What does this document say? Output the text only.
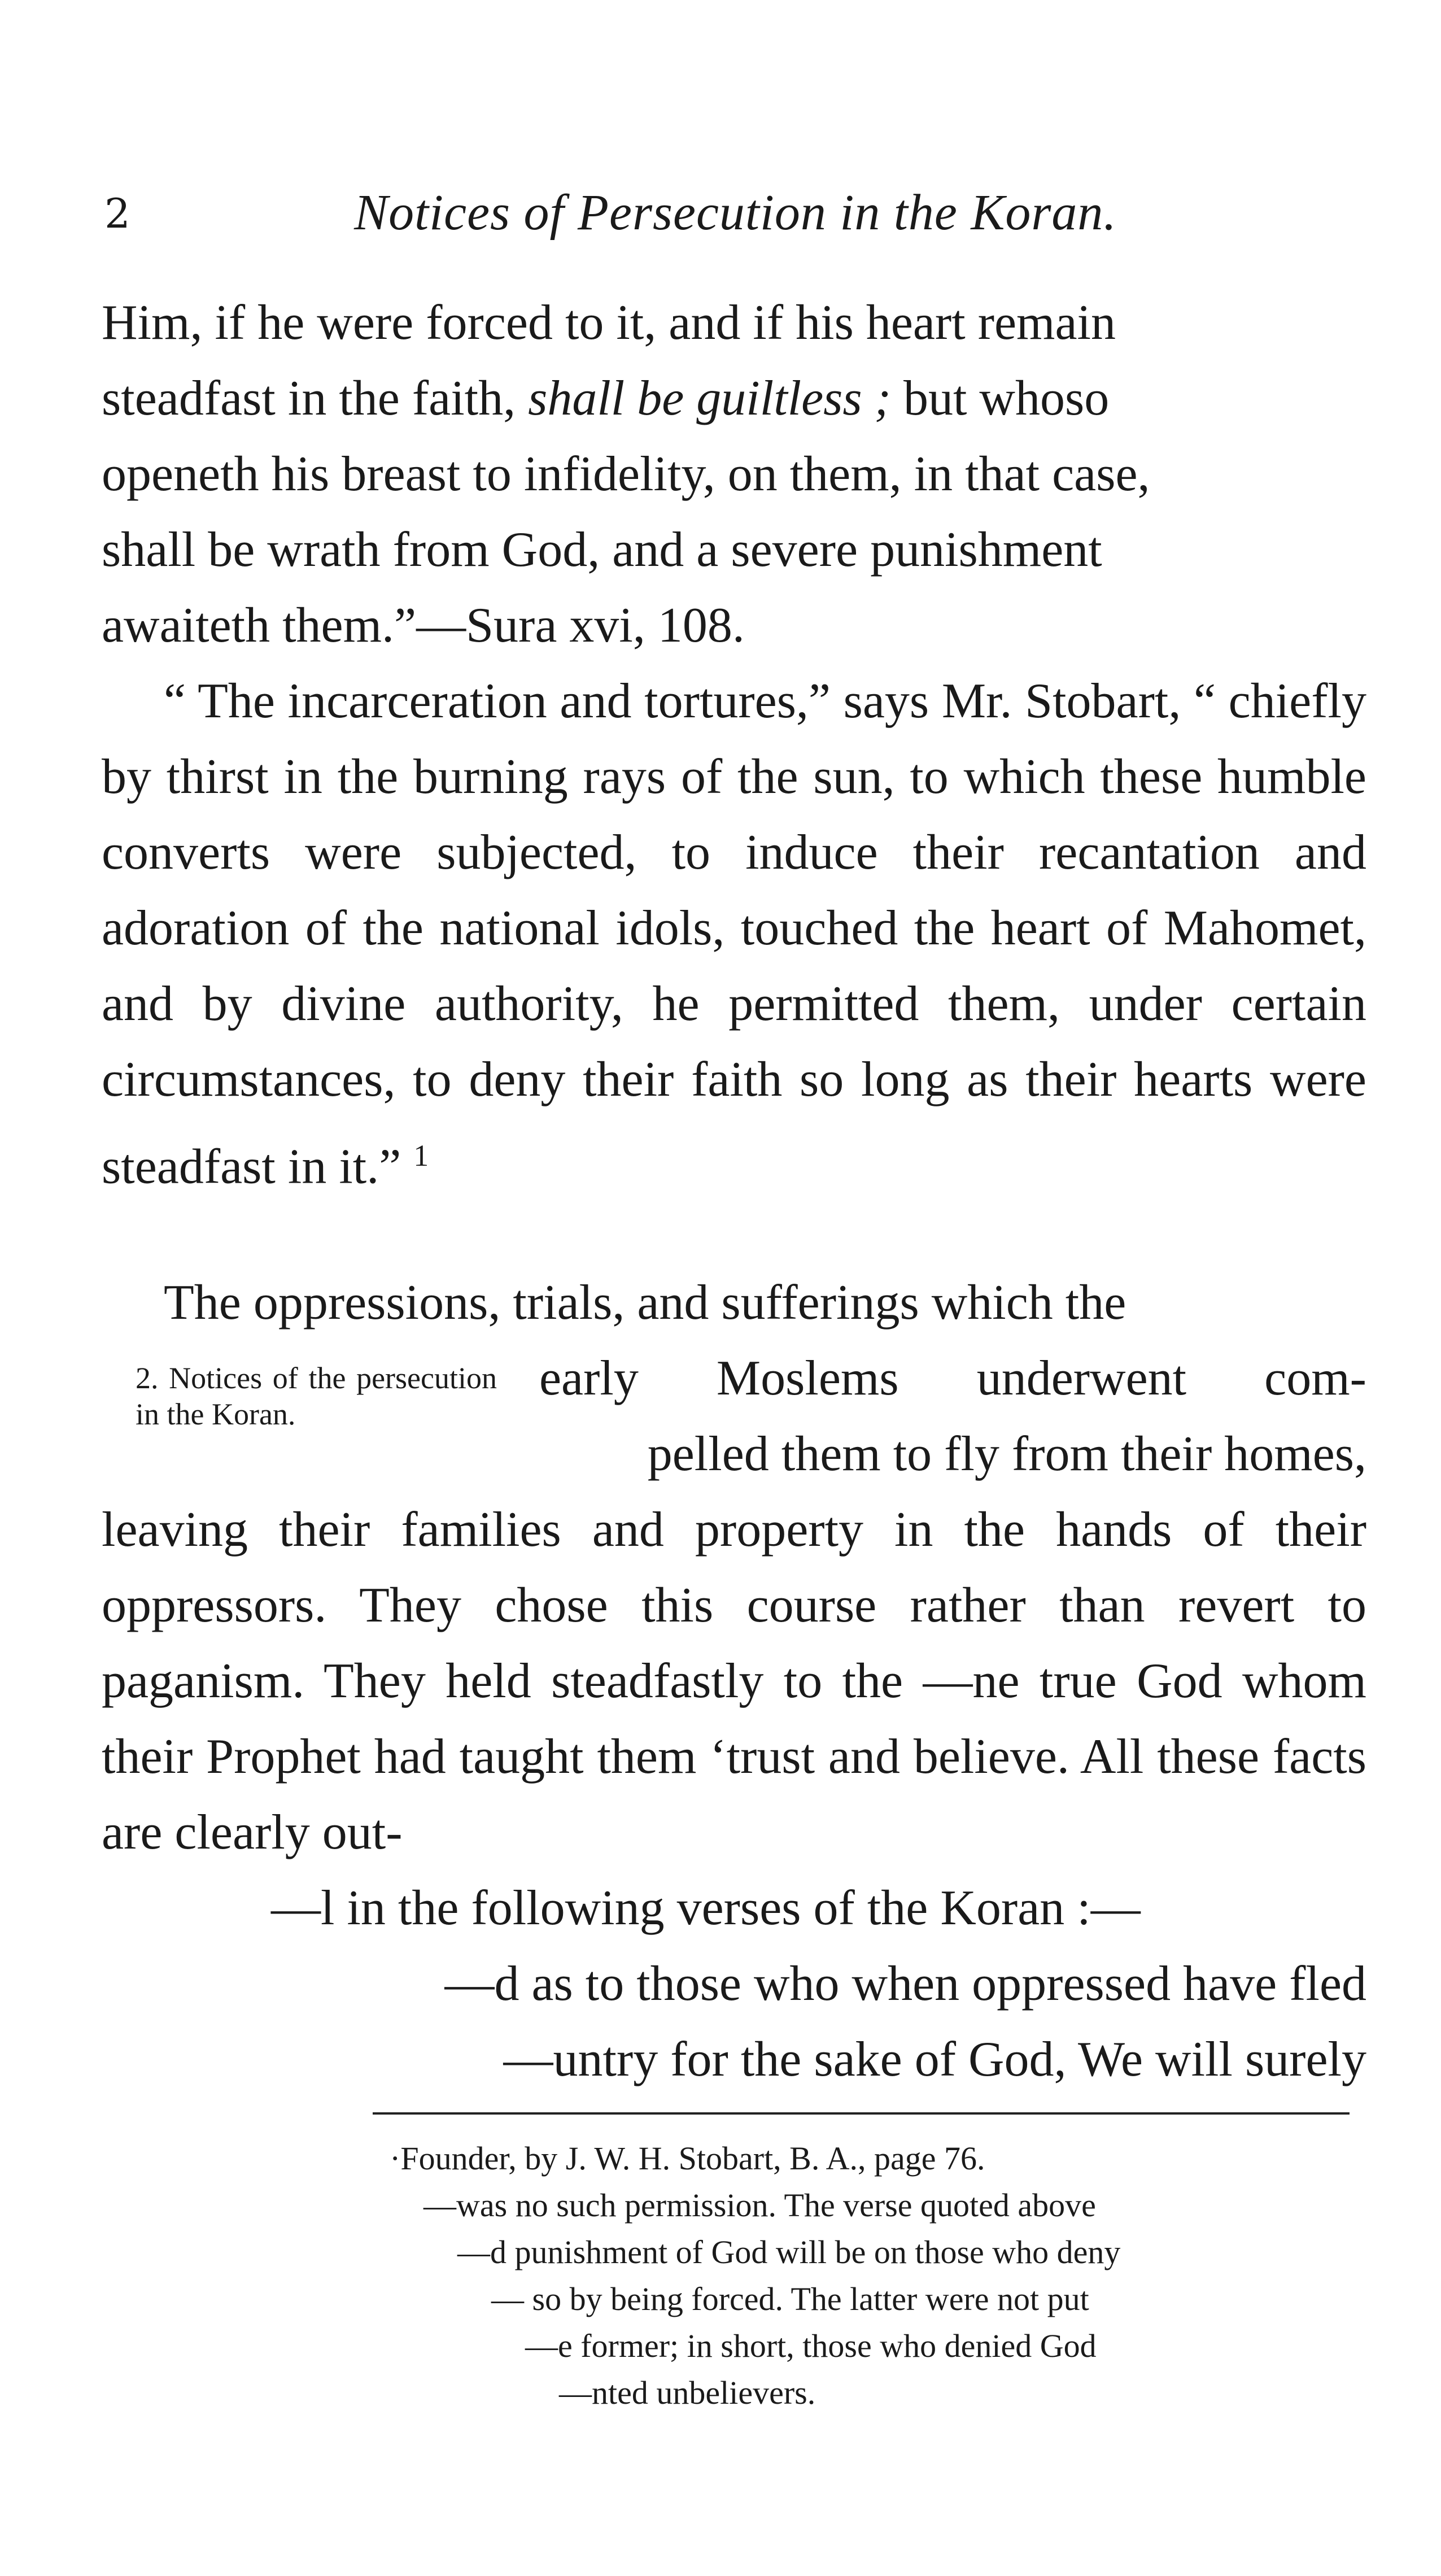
2	Notices of Persecution in the Koran.

Him, if he were forced to it, and if his heart remain

steadfast in the faith, shall be guiltless ; but whoso

openeth his breast to infidelity, on them, in that case,

shall be wrath from God, and a severe punishment

awaiteth them.”—Sura xvi, 108.

“ The incarceration and tortures,” says Mr. Stobart, “ chiefly by thirst in the burning rays of the sun, to which these humble converts were subjected, to induce their recantation and adoration of the national idols, touched the heart of Mahomet, and by divine authority, he permitted them, under certain circumstances, to deny their faith so long as their hearts were steadfast in it.” $^1$

The oppressions, trials, and sufferings which the

2. Notices of the persecution in the Koran.
early Moslems underwent com-
pelled them to fly from their homes,

leaving their families and property in the hands of their oppressors. They chose this course rather than revert to paganism. They held steadfastly to the —ne true God whom their Prophet had taught them ‘trust and believe. All these facts are clearly out-

—l in the following verses of the Koran :—

—d as to those who when oppressed have fled

—untry for the sake of God, We will surely

·Founder, by J. W. H. Stobart, B. A., page 76.

—was no such permission. The verse quoted above

—d punishment of God will be on those who deny

— so by being forced. The latter were not put

—e former; in short, those who denied God

—nted unbelievers.
